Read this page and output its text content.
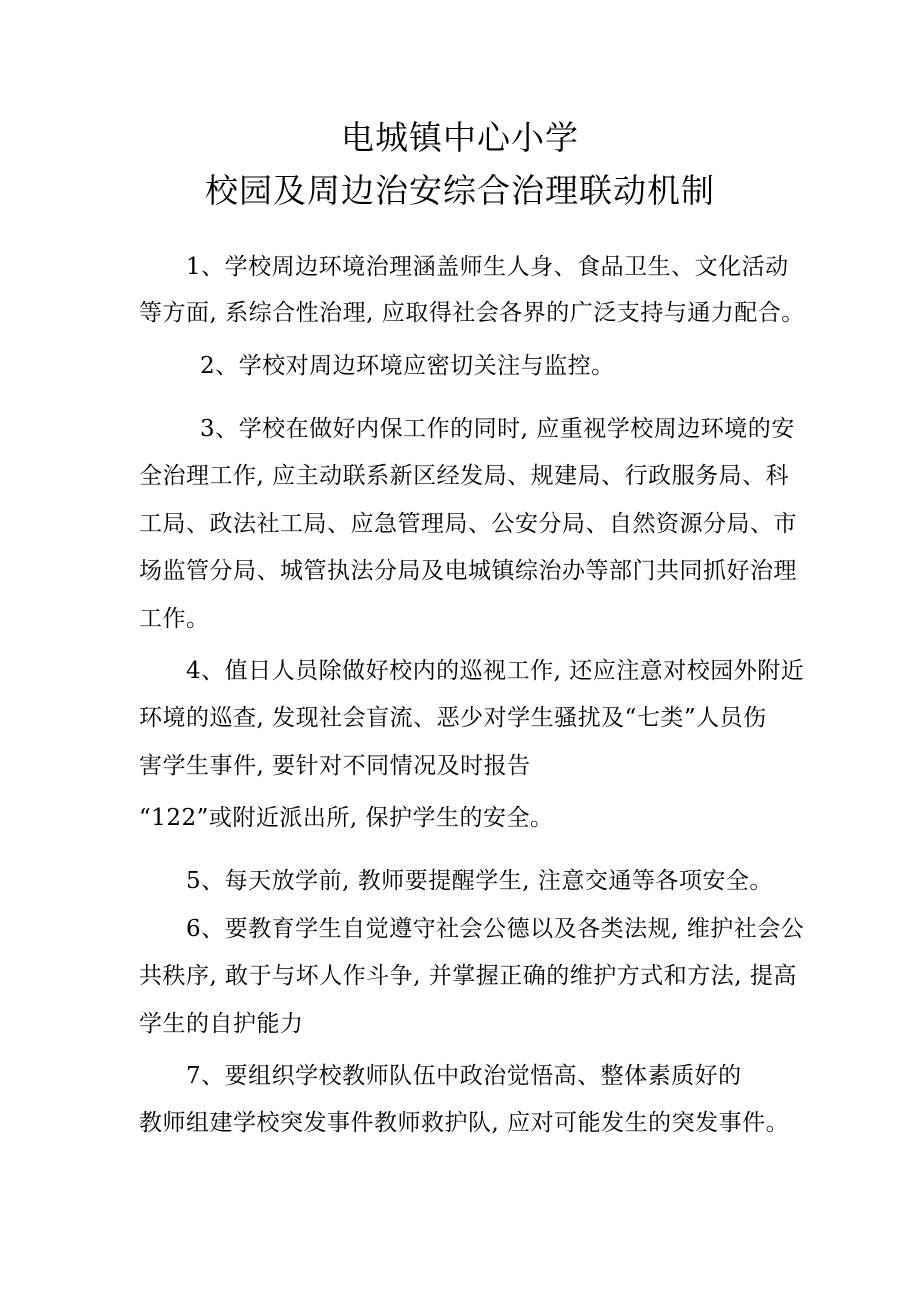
电城镇中心小学
校园及周边治安综合治理联动机制
1、学校周边环境治理涵盖师生人身、食品卫生、文化活动
等方面, 系综合性治理, 应取得社会各界的广泛支持与通力配合。
2、学校对周边环境应密切关注与监控。
3、学校在做好内保工作的同时, 应重视学校周边环境的安
全治理工作, 应主动联系新区经发局、规建局、行政服务局、科
工局、政法社工局、应急管理局、公安分局、自然资源分局、市
场监管分局、城管执法分局及电城镇综治办等部门共同抓好治理
工作。
4、值日人员除做好校内的巡视工作, 还应注意对校园外附近
环境的巡查, 发现社会盲流、恶少对学生骚扰及“七类”人员伤
害学生事件, 要针对不同情况及时报告
“122”或附近派出所, 保护学生的安全。
5、每天放学前, 教师要提醒学生, 注意交通等各项安全。
6、要教育学生自觉遵守社会公德以及各类法规, 维护社会公
共秩序, 敢于与坏人作斗争, 并掌握正确的维护方式和方法, 提高
学生的自护能力
7、要组织学校教师队伍中政治觉悟高、整体素质好的
教师组建学校突发事件教师救护队, 应对可能发生的突发事件。
